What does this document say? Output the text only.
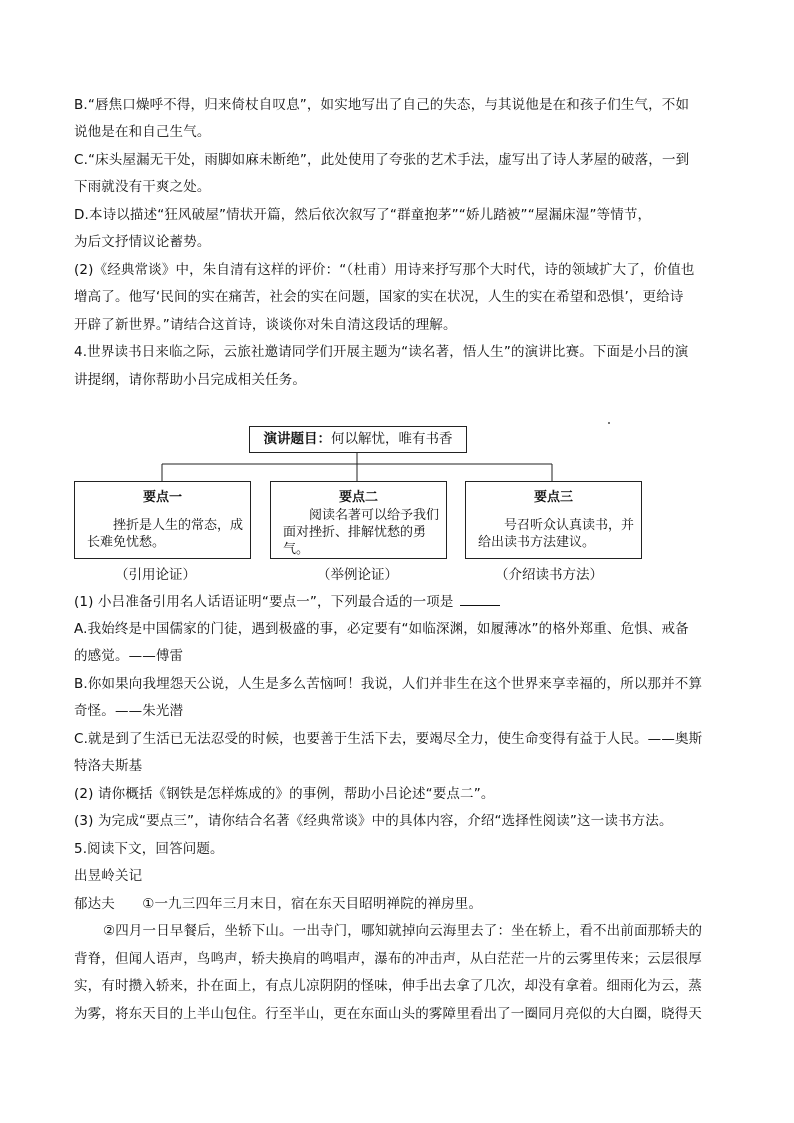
B.“唇焦口燥呼不得，归来倚杖自叹息”，如实地写出了自己的失态，与其说他是在和孩子们生气，不如
说他是在和自己生气。
C.“床头屋漏无干处，雨脚如麻未断绝”，此处使用了夸张的艺术手法，虚写出了诗人茅屋的破落，一到
下雨就没有干爽之处。
D.本诗以描述“狂风破屋”情状开篇，然后依次叙写了“群童抱茅”“娇儿踏被”“屋漏床湿”等情节，
为后文抒情议论蓄势。
(2)《经典常谈》中，朱自清有这样的评价：“（杜甫）用诗来抒写那个大时代，诗的领域扩大了，价值也
增高了。他写‘民间的实在痛苦，社会的实在问题，国家的实在状况，人生的实在希望和恐惧’，更给诗
开辟了新世界。”请结合这首诗，谈谈你对朱自清这段话的理解。
4.世界读书日来临之际，云旅社邀请同学们开展主题为“读名著，悟人生”的演讲比赛。下面是小吕的演
讲提纲，请你帮助小吕完成相关任务。
演讲题目：何以解忧，唯有书香
要点一
挫折是人生的常态，成长难免忧愁。
要点二
阅读名著可以给予我们面对挫折、排解忧愁的勇气。
要点三
号召听众认真读书，并给出读书方法建议。
（引用论证）	（举例论证）	（介绍读书方法）
(1) 小吕准备引用名人话语证明“要点一”，下列最合适的一项是
A.我始终是中国儒家的门徒，遇到极盛的事，必定要有“如临深渊，如履薄冰”的格外郑重、危惧、戒备
的感觉。——傅雷
B.你如果向我埋怨天公说，人生是多么苦恼呵！我说，人们并非生在这个世界来享幸福的，所以那并不算
奇怪。——朱光潜
C.就是到了生活已无法忍受的时候，也要善于生活下去，要竭尽全力，使生命变得有益于人民。——奥斯
特洛夫斯基
(2) 请你概括《钢铁是怎样炼成的》的事例，帮助小吕论述“要点二”。
(3) 为完成“要点三”，请你结合名著《经典常谈》中的具体内容，介绍“选择性阅读”这一读书方法。
5.阅读下文，回答问题。
出昱岭关记
郁达夫　　①一九三四年三月末日，宿在东天目昭明禅院的禅房里。
②四月一日早餐后，坐轿下山。一出寺门，哪知就掉向云海里去了：坐在轿上，看不出前面那轿夫的
背脊，但闻人语声，鸟鸣声，轿夫换肩的鸣唱声，瀑布的冲击声，从白茫茫一片的云雾里传来；云层很厚
实，有时攒入轿来，扑在面上，有点儿凉阴阴的怪味，伸手出去拿了几次，却没有拿着。细雨化为云，蒸
为雾，将东天目的上半山包住。行至半山，更在东面山头的雾障里看出了一圈同月亮似的大白圈，晓得天
